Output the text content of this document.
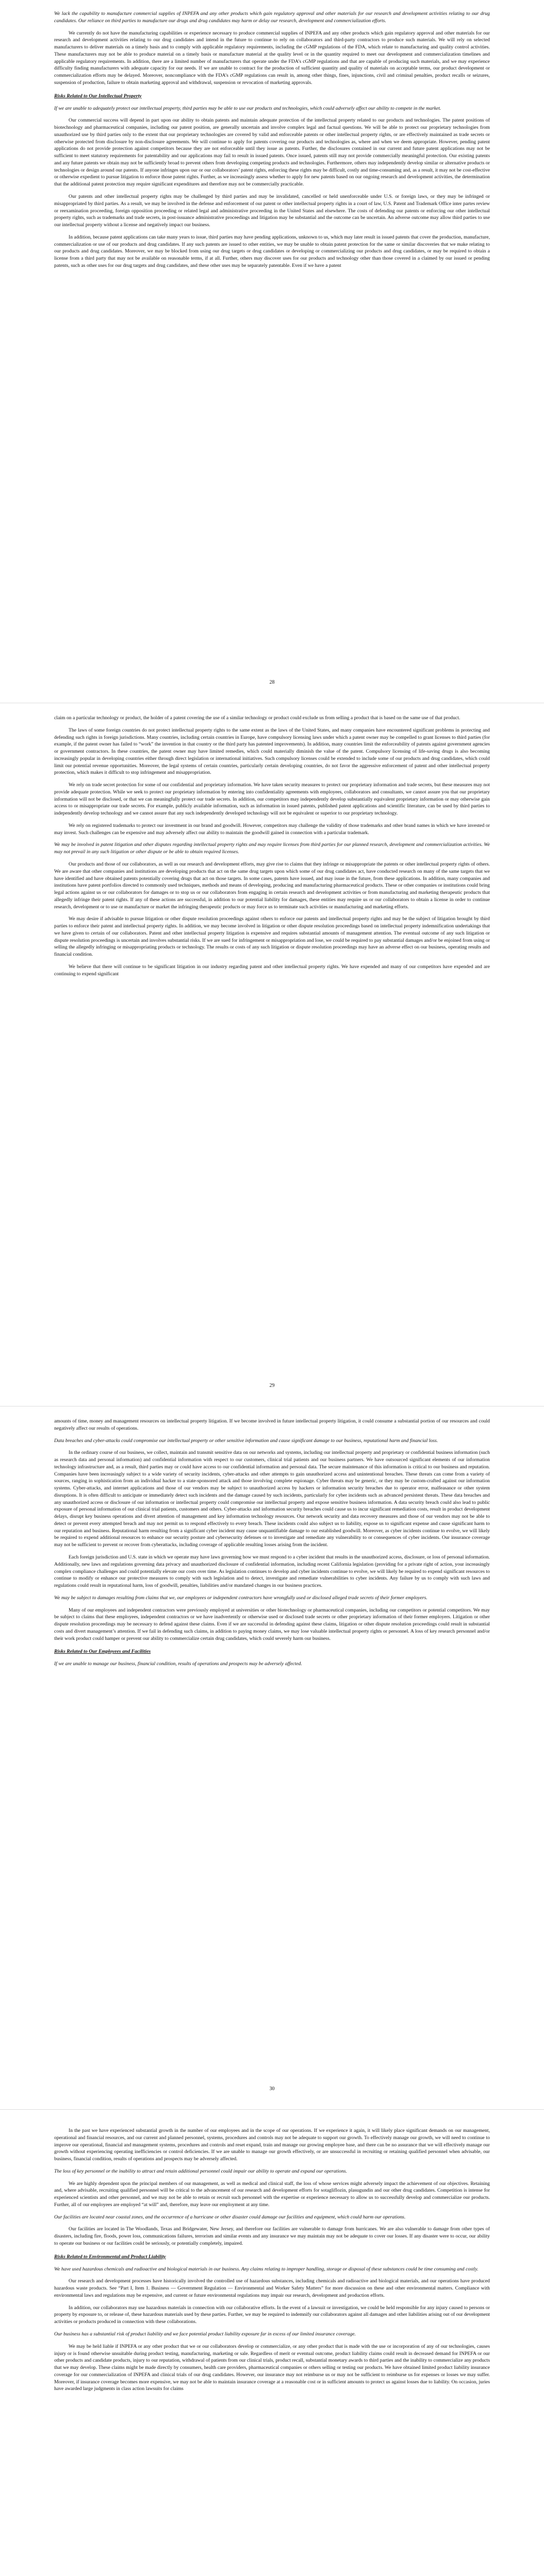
We lack the capability to manufacture commercial supplies of INPEFA and any other products which gain regulatory approval and other materials for our research and development activities relating to our drug candidates. Our reliance on third parties to manufacture our drugs and drug candidates may harm or delay our research, development and commercialization efforts.

We currently do not have the manufacturing capabilities or experience necessary to produce commercial supplies of INPEFA and any other products which gain regulatory approval and other materials for our research and development activities relating to our drug candidates and intend in the future to continue to rely on collaborators and third-party contractors to produce such materials. We will rely on selected manufacturers to deliver materials on a timely basis and to comply with applicable regulatory requirements, including the cGMP regulations of the FDA, which relate to manufacturing and quality control activities. These manufacturers may not be able to produce material on a timely basis or manufacture material at the quality level or in the quantity required to meet our development and commercialization timelines and applicable regulatory requirements. In addition, there are a limited number of manufacturers that operate under the FDA’s cGMP regulations and that are capable of producing such materials, and we may experience difficulty finding manufacturers with adequate capacity for our needs. If we are unable to contract for the production of sufficient quantity and quality of materials on acceptable terms, our product development or commercialization efforts may be delayed. Moreover, noncompliance with the FDA’s cGMP regulations can result in, among other things, fines, injunctions, civil and criminal penalties, product recalls or seizures, suspension of production, failure to obtain marketing approval and withdrawal, suspension or revocation of marketing approvals.

Risks Related to Our Intellectual Property

If we are unable to adequately protect our intellectual property, third parties may be able to use our products and technologies, which could adversely affect our ability to compete in the market.

Our commercial success will depend in part upon our ability to obtain patents and maintain adequate protection of the intellectual property related to our products and technologies. The patent positions of biotechnology and pharmaceutical companies, including our patent position, are generally uncertain and involve complex legal and factual questions. We will be able to protect our proprietary technologies from unauthorized use by third parties only to the extent that our proprietary technologies are covered by valid and enforceable patents or other intellectual property rights, or are effectively maintained as trade secrets or otherwise protected from disclosure by non-disclosure agreements. We will continue to apply for patents covering our products and technologies as, where and when we deem appropriate. However, pending patent applications do not provide protection against competitors because they are not enforceable until they issue as patents. Further, the disclosures contained in our current and future patent applications may not be sufficient to meet statutory requirements for patentability and our applications may fail to result in issued patents. Once issued, patents still may not provide commercially meaningful protection. Our existing patents and any future patents we obtain may not be sufficiently broad to prevent others from developing competing products and technologies. Furthermore, others may independently develop similar or alternative products or technologies or design around our patents. If anyone infringes upon our or our collaborators’ patent rights, enforcing these rights may be difficult, costly and time-consuming and, as a result, it may not be cost-effective or otherwise expedient to pursue litigation to enforce those patent rights. Further, as we increasingly assess whether to apply for new patents based on our ongoing research and development activities, the determination that the additional patent protection may require significant expenditures and therefore may not be commercially practicable.

Our patents and other intellectual property rights may be challenged by third parties and may be invalidated, cancelled or held unenforceable under U.S. or foreign laws, or they may be infringed or misappropriated by third parties. As a result, we may be involved in the defense and enforcement of our patent or other intellectual property rights in a court of law, U.S. Patent and Trademark Office inter partes review or reexamination proceeding, foreign opposition proceeding or related legal and administrative proceeding in the United States and elsewhere. The costs of defending our patents or enforcing our other intellectual property rights, such as trademarks and trade secrets, in post-issuance administrative proceedings and litigation may be substantial and the outcome can be uncertain. An adverse outcome may allow third parties to use our intellectual property without a license and negatively impact our business.

In addition, because patent applications can take many years to issue, third parties may have pending applications, unknown to us, which may later result in issued patents that cover the production, manufacture, commercialization or use of our products and drug candidates. If any such patents are issued to other entities, we may be unable to obtain patent protection for the same or similar discoveries that we make relating to our products and drug candidates. Moreover, we may be blocked from using our drug targets or drug candidates or developing or commercializing our products and drug candidates, or may be required to obtain a license from a third party that may not be available on reasonable terms, if at all. Further, others may discover uses for our products and technology other than those covered in a claimed by our issued or pending patents, such as other uses for our drug targets and drug candidates, and these other uses may be separately patentable. Even if we have a patent

28

claim on a particular technology or product, the holder of a patent covering the use of a similar technology or product could exclude us from selling a product that is based on the same use of that product.

The laws of some foreign countries do not protect intellectual property rights to the same extent as the laws of the United States, and many companies have encountered significant problems in protecting and defending such rights in foreign jurisdictions. Many countries, including certain countries in Europe, have compulsory licensing laws under which a patent owner may be compelled to grant licenses to third parties (for example, if the patent owner has failed to “work” the invention in that country or the third party has patented improvements). In addition, many countries limit the enforceability of patents against government agencies or government contractors. In these countries, the patent owner may have limited remedies, which could materially diminish the value of the patent. Compulsory licensing of life-saving drugs is also becoming increasingly popular in developing countries either through direct legislation or international initiatives. Such compulsory licenses could be extended to include some of our products and drug candidates, which could limit our potential revenue opportunities. Moreover, the legal systems of certain countries, particularly certain developing countries, do not favor the aggressive enforcement of patent and other intellectual property protection, which makes it difficult to stop infringement and misappropriation.

We rely on trade secret protection for some of our confidential and proprietary information. We have taken security measures to protect our proprietary information and trade secrets, but these measures may not provide adequate protection. While we seek to protect our proprietary information by entering into confidentiality agreements with employees, collaborators and consultants, we cannot assure you that our proprietary information will not be disclosed, or that we can meaningfully protect our trade secrets. In addition, our competitors may independently develop substantially equivalent proprietary information or may otherwise gain access to or misappropriate our trade secrets. For example, publicly available information, such as information in issued patents, published patent applications and scientific literature, can be used by third parties to independently develop technology and we cannot assure that any such independently developed technology will not be equivalent or superior to our proprietary technology.

We rely on registered trademarks to protect our investment in our brand and goodwill. However, competitors may challenge the validity of those trademarks and other brand names in which we have invested or may invest. Such challenges can be expensive and may adversely affect our ability to maintain the goodwill gained in connection with a particular trademark.

We may be involved in patent litigation and other disputes regarding intellectual property rights and may require licenses from third parties for our planned research, development and commercialization activities. We may not prevail in any such litigation or other dispute or be able to obtain required licenses.

Our products and those of our collaborators, as well as our research and development efforts, may give rise to claims that they infringe or misappropriate the patents or other intellectual property rights of others. We are aware that other companies and institutions are developing products that act on the same drug targets upon which some of our drug candidates act, have conducted research on many of the same targets that we have identified and have obtained patents potentially covering drugs that act on those targets. In some cases, patents have issued, and may issue in the future, from these applications. In addition, many companies and institutions have patent portfolios directed to commonly used techniques, methods and means of developing, producing and manufacturing pharmaceutical products. These or other companies or institutions could bring legal actions against us or our collaborators for damages or to stop us or our collaborators from engaging in certain research and development activities or from manufacturing and marketing therapeutic products that allegedly infringe their patent rights. If any of these actions are successful, in addition to our potential liability for damages, these entities may require us or our collaborators to obtain a license in order to continue research, development or to use or manufacture or market the infringing therapeutic products or may force us to terminate such activities or manufacturing and marketing efforts.

We may desire if advisable to pursue litigation or other dispute resolution proceedings against others to enforce our patents and intellectual property rights and may be the subject of litigation brought by third parties to enforce their patent and intellectual property rights. In addition, we may become involved in litigation or other dispute resolution proceedings based on intellectual property indemnification undertakings that we have given to certain of our collaborators. Patent and other intellectual property litigation is expensive and requires substantial amounts of management attention. The eventual outcome of any such litigation or dispute resolution proceedings is uncertain and involves substantial risks. If we are sued for infringement or misappropriation and lose, we could be required to pay substantial damages and/or be enjoined from using or selling the allegedly infringing or misappropriating products or technology. The results or costs of any such litigation or dispute resolution proceedings may have an adverse effect on our business, operating results and financial condition.

We believe that there will continue to be significant litigation in our industry regarding patent and other intellectual property rights. We have expended and many of our competitors have expended and are continuing to expend significant

29

amounts of time, money and management resources on intellectual property litigation. If we become involved in future intellectual property litigation, it could consume a substantial portion of our resources and could negatively affect our results of operations.

Data breaches and cyber-attacks could compromise our intellectual property or other sensitive information and cause significant damage to our business, reputational harm and financial loss.

In the ordinary course of our business, we collect, maintain and transmit sensitive data on our networks and systems, including our intellectual property and proprietary or confidential business information (such as research data and personal information) and confidential information with respect to our customers, clinical trial patients and our business partners. We have outsourced significant elements of our information technology infrastructure and, as a result, third parties may or could have access to our confidential information and personal data. The secure maintenance of this information is critical to our business and reputation. Companies have been increasingly subject to a wide variety of security incidents, cyber-attacks and other attempts to gain unauthorized access and unintentional breaches. These threats can come from a variety of sources, ranging in sophistication from an individual hacker to a state-sponsored attack and those involving complete espionage. Cyber threats may be generic, or they may be custom-crafted against our information systems. Cyber-attacks, and internet applications and those of our vendors may be subject to unauthorized access by hackers or information security breaches due to operator error, malfeasance or other system disruptions. It is often difficult to anticipate or immediately detect such incidents and the damage caused by such incidents, particularly for cyber incidents such as advanced persistent threats. These data breaches and any unauthorized access or disclosure of our information or intellectual property could compromise our intellectual property and expose sensitive business information. A data security breach could also lead to public exposure of personal information of our clinical trial patients, customers and others. Cyber-attacks and information security breaches could cause us to incur significant remediation costs, result in product development delays, disrupt key business operations and divert attention of management and key information technology resources. Our network security and data recovery measures and those of our vendors may not be able to detect or prevent every attempted breach and may not permit us to respond effectively to every breach. These incidents could also subject us to liability, expose us to significant expense and cause significant harm to our reputation and business. Reputational harm resulting from a significant cyber incident may cause unquantifiable damage to our established goodwill. Moreover, as cyber incidents continue to evolve, we will likely be required to expend additional resources to enhance our security posture and cybersecurity defenses or to investigate and remediate any vulnerability to or consequences of cyber incidents. Our insurance coverage may not be sufficient to prevent or recover from cyberattacks, including coverage of applicable resulting losses arising from the incident.

Each foreign jurisdiction and U.S. state in which we operate may have laws governing how we must respond to a cyber incident that results in the unauthorized access, disclosure, or loss of personal information. Additionally, new laws and regulations governing data privacy and unauthorized disclosure of confidential information, including recent California legislation (providing for a private right of action, your increasingly complex compliance challenges and could potentially elevate our costs over time. As legislation continues to develop and cyber incidents continue to evolve, we will likely be required to expend significant resources to continue to modify or enhance our protective measures to comply with such legislation and to detect, investigate and remediate vulnerabilities to cyber incidents. Any failure by us to comply with such laws and regulations could result in reputational harm, loss of goodwill, penalties, liabilities and/or mandated changes in our business practices.

We may be subject to damages resulting from claims that we, our employees or independent contractors have wrongfully used or disclosed alleged trade secrets of their former employers.

Many of our employees and independent contractors were previously employed at universities or other biotechnology or pharmaceutical companies, including our competitors or potential competitors. We may be subject to claims that these employees, independent contractors or we have inadvertently or otherwise used or disclosed trade secrets or other proprietary information of their former employers. Litigation or other dispute resolution proceedings may be necessary to defend against these claims. Even if we are successful in defending against these claims, litigation or other dispute resolution proceedings could result in substantial costs and divert management’s attention. If we fail in defending such claims, in addition to paying money claims, we may lose valuable intellectual property rights or personnel. A loss of key research personnel and/or their work product could hamper or prevent our ability to commercialize certain drug candidates, which could severely harm our business.

Risks Related to Our Employees and Facilities

If we are unable to manage our business, financial condition, results of operations and prospects may be adversely affected.

30

In the past we have experienced substantial growth in the number of our employees and in the scope of our operations. If we experience it again, it will likely place significant demands on our management, operational and financial resources, and our current and planned personnel, systems, procedures and controls may not be adequate to support our growth. To effectively manage our growth, we will need to continue to improve our operational, financial and management systems, procedures and controls and reset expand, train and manage our growing employee base, and there can be no assurance that we will effectively manage our growth without experiencing operating inefficiencies or control deficiencies. If we are unable to manage our growth effectively, or are unsuccessful in recruiting or retaining qualified personnel when advisable, our business, financial condition, results of operations and prospects may be adversely affected.

The loss of key personnel or the inability to attract and retain additional personnel could impair our ability to operate and expand our operations.

We are highly dependent upon the principal members of our management, as well as medical and clinical staff, the loss of whose services might adversely impact the achievement of our objectives. Retaining and, where advisable, recruiting qualified personnel will be critical to the advancement of our research and development efforts for sotagliflozin, plasugundin and our other drug candidates. Competition is intense for experienced scientists and other personnel, and we may not be able to retain or recruit such personnel with the expertise or experience necessary to allow us to successfully develop and commercialize our products. Further, all of our employees are employed “at will” and, therefore, may leave our employment at any time.

Our facilities are located near coastal zones, and the occurrence of a hurricane or other disaster could damage our facilities and equipment, which could harm our operations.

Our facilities are located in The Woodlands, Texas and Bridgewater, New Jersey, and therefore our facilities are vulnerable to damage from hurricanes. We are also vulnerable to damage from other types of disasters, including fire, floods, power loss, communications failures, terrorism and similar events and any insurance we may maintain may not be adequate to cover our losses. If any disaster were to occur, our ability to operate our business or our facilities could be seriously, or potentially completely, impaired.

Risks Related to Environmental and Product Liability

We have used hazardous chemicals and radioactive and biological materials in our business. Any claims relating to improper handling, storage or disposal of these substances could be time consuming and costly.

Our research and development processes have historically involved the controlled use of hazardous substances, including chemicals and radioactive and biological materials, and our operations have produced hazardous waste products. See “Part I, Item 1. Business — Government Regulation — Environmental and Worker Safety Matters” for more discussion on these and other environmental matters. Compliance with environmental laws and regulations may be expensive, and current or future environmental regulations may impair our research, development and production efforts.

In addition, our collaborators may use hazardous materials in connection with our collaborative efforts. In the event of a lawsuit or investigation, we could be held responsible for any injury caused to persons or property by exposure to, or release of, these hazardous materials used by these parties. Further, we may be required to indemnify our collaborators against all damages and other liabilities arising out of our development activities or products produced in connection with these collaborations.

Our business has a substantial risk of product liability and we face potential product liability exposure far in excess of our limited insurance coverage.

We may be held liable if INPEFA or any other product that we or our collaborators develop or commercialize, or any other product that is made with the use or incorporation of any of our technologies, causes injury or is found otherwise unsuitable during product testing, manufacturing, marketing or sale. Regardless of merit or eventual outcome, product liability claims could result in decreased demand for INPEFA or our other products and candidate products, injury to our reputation, withdrawal of patients from our clinical trials, product recall, substantial monetary awards to third parties and the inability to commercialize any products that we may develop. These claims might be made directly by consumers, health care providers, pharmaceutical companies or others selling or testing our products. We have obtained limited product liability insurance coverage for our commercialization of INPEFA and clinical trials of our drug candidates. However, our insurance may not reimburse us or may not be sufficient to reimburse us for expenses or losses we may suffer. Moreover, if insurance coverage becomes more expensive, we may not be able to maintain insurance coverage at a reasonable cost or in sufficient amounts to protect us against losses due to liability. On occasion, juries have awarded large judgments in class action lawsuits for claims
